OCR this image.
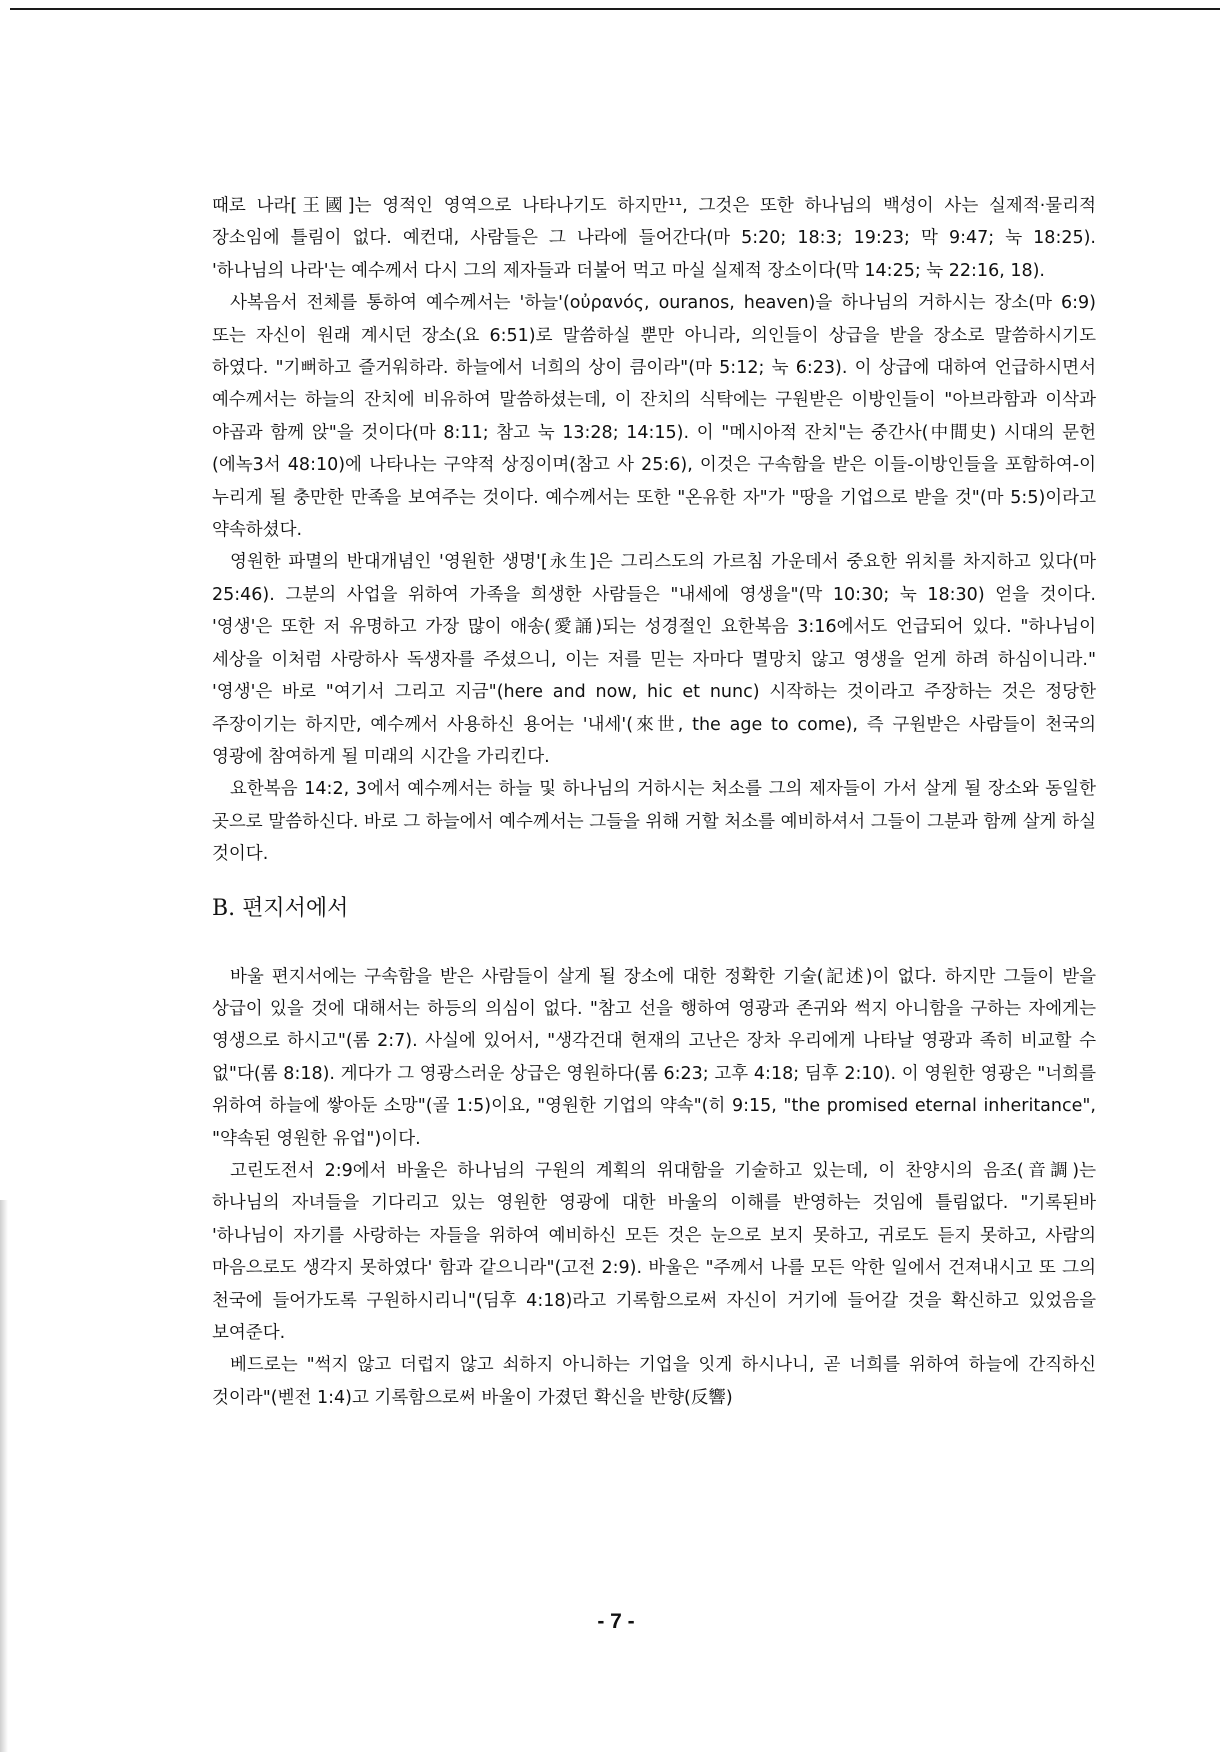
때로 나라[王國]는 영적인 영역으로 나타나기도 하지만¹¹, 그것은 또한 하나님의 백성이 사는 실제적·물리적 장소임에 틀림이 없다. 예컨대, 사람들은 그 나라에 들어간다(마 5:20; 18:3; 19:23; 막 9:47; 눅 18:25). '하나님의 나라'는 예수께서 다시 그의 제자들과 더불어 먹고 마실 실제적 장소이다(막 14:25; 눅 22:16, 18).

사복음서 전체를 통하여 예수께서는 '하늘'(οὐρανός, ouranos, heaven)을 하나님의 거하시는 장소(마 6:9) 또는 자신이 원래 계시던 장소(요 6:51)로 말씀하실 뿐만 아니라, 의인들이 상급을 받을 장소로 말씀하시기도 하였다. "기뻐하고 즐거워하라. 하늘에서 너희의 상이 큼이라"(마 5:12; 눅 6:23). 이 상급에 대하여 언급하시면서 예수께서는 하늘의 잔치에 비유하여 말씀하셨는데, 이 잔치의 식탁에는 구원받은 이방인들이 "아브라함과 이삭과 야곱과 함께 앉"을 것이다(마 8:11; 참고 눅 13:28; 14:15). 이 "메시아적 잔치"는 중간사(中間史) 시대의 문헌(에녹3서 48:10)에 나타나는 구약적 상징이며(참고 사 25:6), 이것은 구속함을 받은 이들-이방인들을 포함하여-이 누리게 될 충만한 만족을 보여주는 것이다. 예수께서는 또한 "온유한 자"가 "땅을 기업으로 받을 것"(마 5:5)이라고 약속하셨다.

영원한 파멸의 반대개념인 '영원한 생명'[永生]은 그리스도의 가르침 가운데서 중요한 위치를 차지하고 있다(마 25:46). 그분의 사업을 위하여 가족을 희생한 사람들은 "내세에 영생을"(막 10:30; 눅 18:30) 얻을 것이다. '영생'은 또한 저 유명하고 가장 많이 애송(愛誦)되는 성경절인 요한복음 3:16에서도 언급되어 있다. "하나님이 세상을 이처럼 사랑하사 독생자를 주셨으니, 이는 저를 믿는 자마다 멸망치 않고 영생을 얻게 하려 하심이니라." '영생'은 바로 "여기서 그리고 지금"(here and now, hic et nunc) 시작하는 것이라고 주장하는 것은 정당한 주장이기는 하지만, 예수께서 사용하신 용어는 '내세'(來世, the age to come), 즉 구원받은 사람들이 천국의 영광에 참여하게 될 미래의 시간을 가리킨다.

요한복음 14:2, 3에서 예수께서는 하늘 및 하나님의 거하시는 처소를 그의 제자들이 가서 살게 될 장소와 동일한 곳으로 말씀하신다. 바로 그 하늘에서 예수께서는 그들을 위해 거할 처소를 예비하셔서 그들이 그분과 함께 살게 하실 것이다.

B. 편지서에서

바울 편지서에는 구속함을 받은 사람들이 살게 될 장소에 대한 정확한 기술(記述)이 없다. 하지만 그들이 받을 상급이 있을 것에 대해서는 하등의 의심이 없다. "참고 선을 행하여 영광과 존귀와 썩지 아니함을 구하는 자에게는 영생으로 하시고"(롬 2:7). 사실에 있어서, "생각건대 현재의 고난은 장차 우리에게 나타날 영광과 족히 비교할 수 없"다(롬 8:18). 게다가 그 영광스러운 상급은 영원하다(롬 6:23; 고후 4:18; 딤후 2:10). 이 영원한 영광은 "너희를 위하여 하늘에 쌓아둔 소망"(골 1:5)이요, "영원한 기업의 약속"(히 9:15, "the promised eternal inheritance", "약속된 영원한 유업")이다.

고린도전서 2:9에서 바울은 하나님의 구원의 계획의 위대함을 기술하고 있는데, 이 찬양시의 음조(音調)는 하나님의 자녀들을 기다리고 있는 영원한 영광에 대한 바울의 이해를 반영하는 것임에 틀림없다. "기록된바 '하나님이 자기를 사랑하는 자들을 위하여 예비하신 모든 것은 눈으로 보지 못하고, 귀로도 듣지 못하고, 사람의 마음으로도 생각지 못하였다' 함과 같으니라"(고전 2:9). 바울은 "주께서 나를 모든 악한 일에서 건져내시고 또 그의 천국에 들어가도록 구원하시리니"(딤후 4:18)라고 기록함으로써 자신이 거기에 들어갈 것을 확신하고 있었음을 보여준다.

베드로는 "썩지 않고 더럽지 않고 쇠하지 아니하는 기업을 잇게 하시나니, 곧 너희를 위하여 하늘에 간직하신 것이라"(벧전 1:4)고 기록함으로써 바울이 가졌던 확신을 반향(反響)

- 7 -
